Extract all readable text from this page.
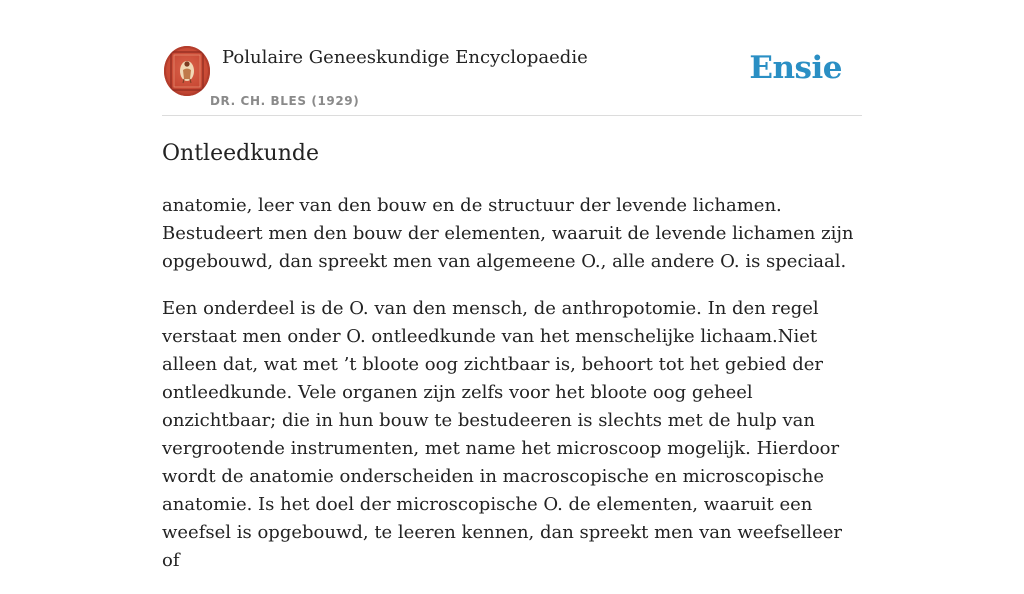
Polulaire Geneeskundige Encyclopaedie
DR. CH. BLES (1929)
Ensie
Ontleedkunde

anatomie, leer van den bouw en de structuur der levende lichamen. Bestudeert men den bouw der elementen, waaruit de levende lichamen zijn opgebouwd, dan spreekt men van algemeene O., alle andere O. is speciaal.

Een onderdeel is de O. van den mensch, de anthropotomie. In den regel verstaat men onder O. ontleedkunde van het menschelijke lichaam.Niet alleen dat, wat met ’t bloote oog zichtbaar is, behoort tot het gebied der ontleedkunde. Vele organen zijn zelfs voor het bloote oog geheel onzichtbaar; die in hun bouw te bestudeeren is slechts met de hulp van vergrootende instrumenten, met name het microscoop mogelijk. Hierdoor wordt de anatomie onderscheiden in macroscopische en microscopische anatomie. Is het doel der microscopische O. de elementen, waaruit een weefsel is opgebouwd, te leeren kennen, dan spreekt men van weefselleer of
